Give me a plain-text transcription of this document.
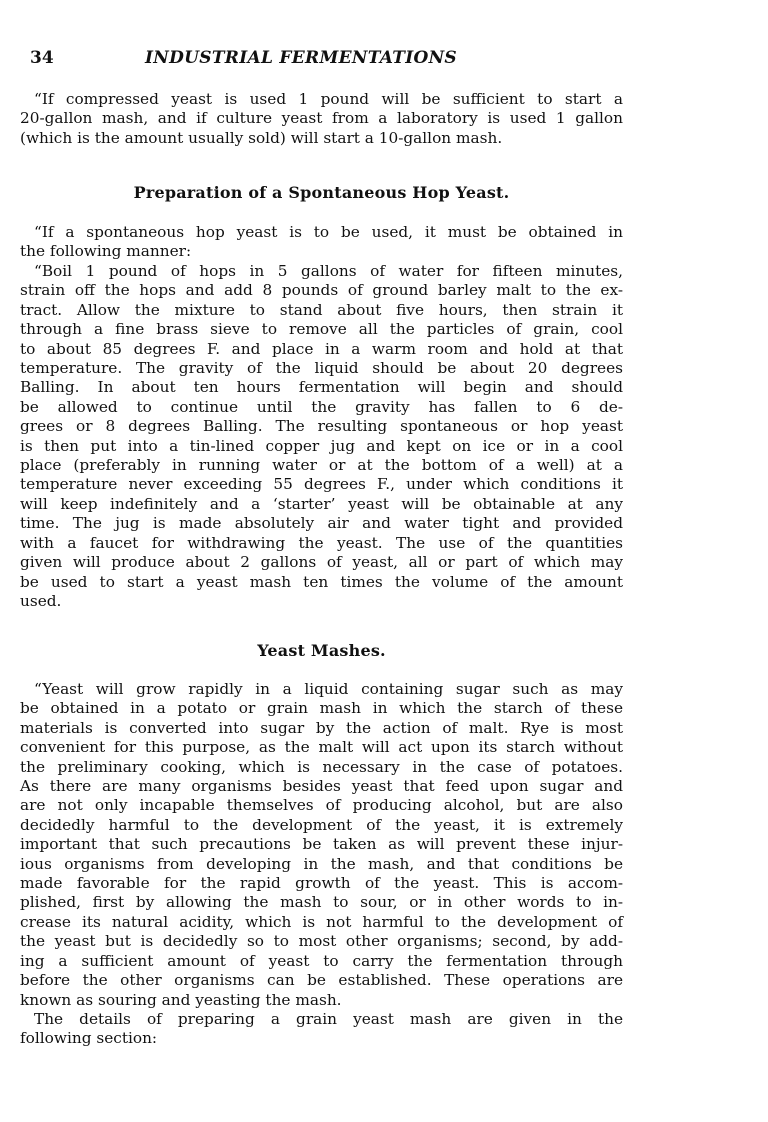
34	INDUSTRIAL FERMENTATIONS
“If compressed yeast is used 1 pound will be sufficient to start a
20-gallon mash, and if culture yeast from a laboratory is used 1 gallon
(which is the amount usually sold) will start a 10-gallon mash.
Preparation of a Spontaneous Hop Yeast.
“If a spontaneous hop yeast is to be used, it must be obtained in
the following manner:
“Boil 1 pound of hops in 5 gallons of water for fifteen minutes,
strain off the hops and add 8 pounds of ground barley malt to the ex-
tract. Allow the mixture to stand about five hours, then strain it
through a fine brass sieve to remove all the particles of grain, cool
to about 85 degrees F. and place in a warm room and hold at that
temperature. The gravity of the liquid should be about 20 degrees
Balling. In about ten hours fermentation will begin and should
be allowed to continue until the gravity has fallen to 6 de-
grees or 8 degrees Balling. The resulting spontaneous or hop yeast
is then put into a tin-lined copper jug and kept on ice or in a cool
place (preferably in running water or at the bottom of a well) at a
temperature never exceeding 55 degrees F., under which conditions it
will keep indefinitely and a ‘starter’ yeast will be obtainable at any
time. The jug is made absolutely air and water tight and provided
with a faucet for withdrawing the yeast. The use of the quantities
given will produce about 2 gallons of yeast, all or part of which may
be used to start a yeast mash ten times the volume of the amount
used.
Yeast Mashes.
“Yeast will grow rapidly in a liquid containing sugar such as may
be obtained in a potato or grain mash in which the starch of these
materials is converted into sugar by the action of malt. Rye is most
convenient for this purpose, as the malt will act upon its starch without
the preliminary cooking, which is necessary in the case of potatoes.
As there are many organisms besides yeast that feed upon sugar and
are not only incapable themselves of producing alcohol, but are also
decidedly harmful to the development of the yeast, it is extremely
important that such precautions be taken as will prevent these injur-
ious organisms from developing in the mash, and that conditions be
made favorable for the rapid growth of the yeast. This is accom-
plished, first by allowing the mash to sour, or in other words to in-
crease its natural acidity, which is not harmful to the development of
the yeast but is decidedly so to most other organisms; second, by add-
ing a sufficient amount of yeast to carry the fermentation through
before the other organisms can be established. These operations are
known as souring and yeasting the mash.
The details of preparing a grain yeast mash are given in the
following section:
